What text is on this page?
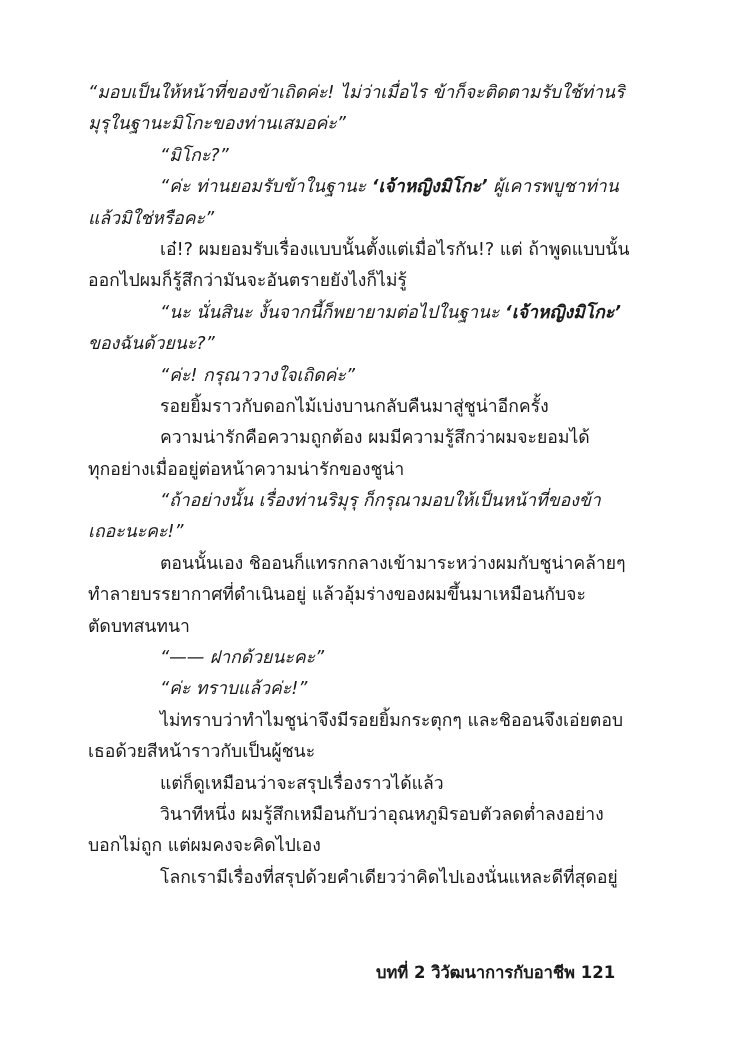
“มอบเป็นให้หน้าที่ของข้าเถิดค่ะ! ไม่ว่าเมื่อไร ข้าก็จะติดตามรับใช้ท่านริ
มุรุในฐานะมิโกะของท่านเสมอค่ะ”
“มิโกะ?”
“ค่ะ ท่านยอมรับข้าในฐานะ ‘เจ้าหญิงมิโกะ’ ผู้เคารพบูชาท่าน
แล้วมิใช่หรือคะ”
เอ๋!? ผมยอมรับเรื่องแบบนั้นตั้งแต่เมื่อไรกัน!? แต่ ถ้าพูดแบบนั้น
ออกไปผมก็รู้สึกว่ามันจะอันตรายยังไงก็ไม่รู้
“นะ นั่นสินะ งั้นจากนี้ก็พยายามต่อไปในฐานะ ‘เจ้าหญิงมิโกะ’
ของฉันด้วยนะ?”
“ค่ะ! กรุณาวางใจเถิดค่ะ”
รอยยิ้มราวกับดอกไม้เบ่งบานกลับคืนมาสู่ชูน่าอีกครั้ง
ความน่ารักคือความถูกต้อง ผมมีความรู้สึกว่าผมจะยอมได้
ทุกอย่างเมื่ออยู่ต่อหน้าความน่ารักของชูน่า
“ถ้าอย่างนั้น เรื่องท่านริมุรุ ก็กรุณามอบให้เป็นหน้าที่ของข้า
เถอะนะคะ!”
ตอนนั้นเอง ชิออนก็แทรกกลางเข้ามาระหว่างผมกับชูน่าคล้ายๆ
ทำลายบรรยากาศที่ดำเนินอยู่ แล้วอุ้มร่างของผมขึ้นมาเหมือนกับจะ
ตัดบทสนทนา
“—— ฝากด้วยนะคะ”
“ค่ะ ทราบแล้วค่ะ!”
ไม่ทราบว่าทำไมชูน่าจึงมีรอยยิ้มกระตุกๆ และชิออนจึงเอ่ยตอบ
เธอด้วยสีหน้าราวกับเป็นผู้ชนะ
แต่ก็ดูเหมือนว่าจะสรุปเรื่องราวได้แล้ว
วินาทีหนึ่ง ผมรู้สึกเหมือนกับว่าอุณหภูมิรอบตัวลดต่ำลงอย่าง
บอกไม่ถูก แต่ผมคงจะคิดไปเอง
โลกเรามีเรื่องที่สรุปด้วยคำเดียวว่าคิดไปเองนั่นแหละดีที่สุดอยู่
บทที่ 2 วิวัฒนาการกับอาชีพ 121
